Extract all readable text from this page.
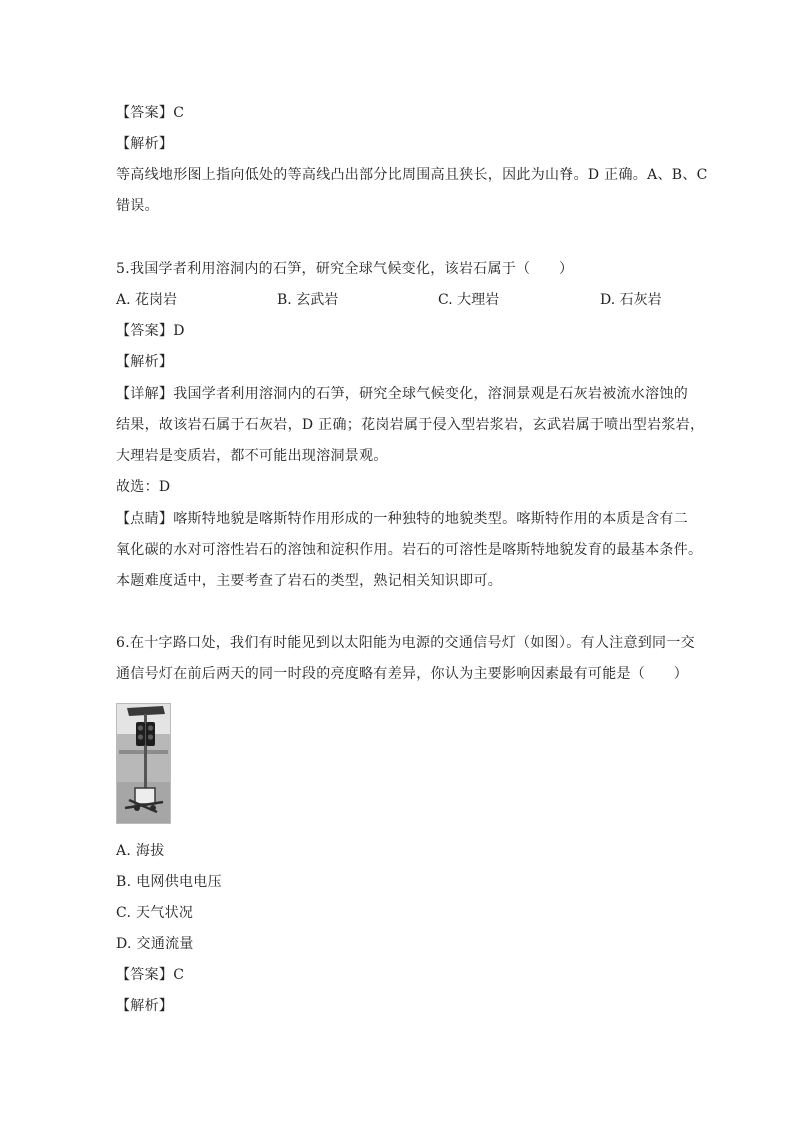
【答案】C
【解析】
等高线地形图上指向低处的等高线凸出部分比周围高且狭长，因此为山脊。D 正确。A、B、C
错误。
5.我国学者利用溶洞内的石笋，研究全球气候变化，该岩石属于（　　）
A. 花岗岩	B. 玄武岩	C. 大理岩	D. 石灰岩
【答案】D
【解析】
【详解】我国学者利用溶洞内的石笋，研究全球气候变化，溶洞景观是石灰岩被流水溶蚀的
结果，故该岩石属于石灰岩，D 正确；花岗岩属于侵入型岩浆岩，玄武岩属于喷出型岩浆岩，
大理岩是变质岩，都不可能出现溶洞景观。
故选：D
【点睛】喀斯特地貌是喀斯特作用形成的一种独特的地貌类型。喀斯特作用的本质是含有二
氧化碳的水对可溶性岩石的溶蚀和淀积作用。岩石的可溶性是喀斯特地貌发育的最基本条件。
本题难度适中，主要考查了岩石的类型，熟记相关知识即可。
6.在十字路口处，我们有时能见到以太阳能为电源的交通信号灯（如图）。有人注意到同一交
通信号灯在前后两天的同一时段的亮度略有差异，你认为主要影响因素最有可能是（　　）
A. 海拔
B. 电网供电电压
C. 天气状况
D. 交通流量
【答案】C
【解析】
